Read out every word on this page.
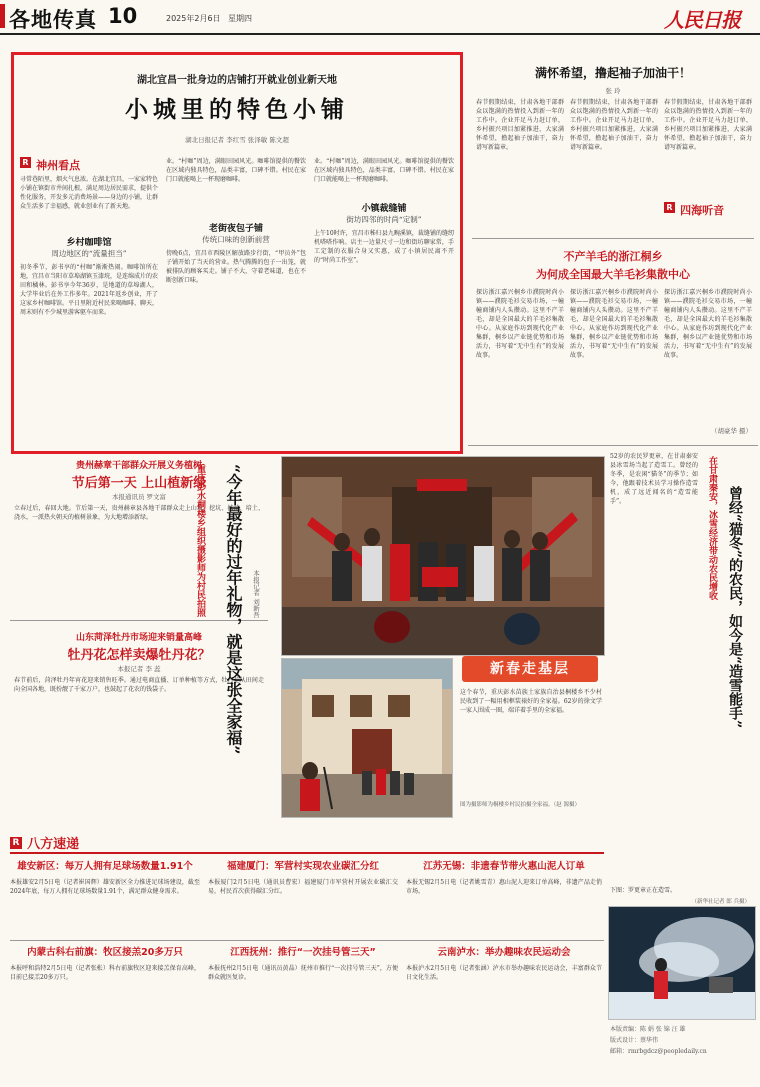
各地传真 10	2025年2月6日 星期四	人民日报
湖北宜昌一批身边的店铺打开就业创业新天地
小城里的特色小铺
湖北日报记者 李红雪 张泽敏 陈文超
R $^{神州看点}$
寻常巷陌里，烟火气息浓。在湖北宜昌，一家家特色小铺在镇街市井间扎根，满足周边居民需求，提供个性化服务，开发多元消费场景——身边的小铺，让群众生活多了幸福感，就业创业有了新天地。
乡村咖啡馆
周边地区的“流量担当”
初冬季节，彭书享的“村咖”渐渐热闹。咖啡馆所在地，宜昌市当阳市草埠湖镇玉漆垸，是连绵成片的农田和橘林。彭书享今年36岁，是地道的草埠湖人，大学毕业后在外工作多年。2021年返乡创业，开了这家乡村咖啡馆。平日里附近村民来喝咖啡、聊天，周末则有不少城里游客驱车而来。
业。“村咖”周边，满眼田园风光。咖啡馆提供的餐饮在区域内独具特色，品类丰富，口碑不错。村民在家门口就能喝上一杯现磨咖啡。
老街夜包子铺
传统口味的创新前营
傍晚6点，宜昌市西陵区解放路步行街，“甲员外”包子铺开始了当天的营业。热气腾腾的包子一出笼，就被排队的顾客买走。铺子不大，守着老味道，也在不断创新口味。
业。“村咖”周边，满眼田园风光。咖啡馆提供的餐饮在区域内独具特色，品类丰富，口碑不错。村民在家门口就能喝上一杯现磨咖啡。
小镇裁缝铺
街坊四邻的时尚“定制”
上午10时许，宜昌市秭归县九畹溪镇，裁缝铺的缝纫机嗒嗒作响。店主一边量尺寸一边和街坊聊家常，手工定制的衣服合身又实惠，成了小镇居民离不开的“时尚工作室”。
满怀希望，撸起袖子加油干！
张 玲
春节假期结束，甘肃各地干部群众以饱满的热情投入到新一年的工作中。企业开足马力赶订单，乡村振兴项目加紧推进，大家满怀希望，撸起袖子加油干，奋力谱写新篇章。
春节假期结束，甘肃各地干部群众以饱满的热情投入到新一年的工作中。企业开足马力赶订单，乡村振兴项目加紧推进，大家满怀希望，撸起袖子加油干，奋力谱写新篇章。
春节假期结束，甘肃各地干部群众以饱满的热情投入到新一年的工作中。企业开足马力赶订单，乡村振兴项目加紧推进，大家满怀希望，撸起袖子加油干，奋力谱写新篇章。
R $^{四海听音}$
不产羊毛的浙江桐乡
为何成全国最大羊毛衫集散中心
探访浙江嘉兴桐乡市濮院时尚小镇——濮院毛衫交易市场，一幢幢商铺内人头攒动。这里不产羊毛，却是全国最大的羊毛衫集散中心。从家庭作坊到现代化产业集群，桐乡以产业链优势和市场活力，书写着“无中生有”的发展故事。
探访浙江嘉兴桐乡市濮院时尚小镇——濮院毛衫交易市场，一幢幢商铺内人头攒动。这里不产羊毛，却是全国最大的羊毛衫集散中心。从家庭作坊到现代化产业集群，桐乡以产业链优势和市场活力，书写着“无中生有”的发展故事。
探访浙江嘉兴桐乡市濮院时尚小镇——濮院毛衫交易市场，一幢幢商铺内人头攒动。这里不产羊毛，却是全国最大的羊毛衫集散中心。从家庭作坊到现代化产业集群，桐乡以产业链优势和市场活力，书写着“无中生有”的发展故事。
（胡豪华 摄）
贵州赫章干部群众开展义务植树
节后第一天 上山植新绿
本报通讯员 罗文富
立春过后，春回大地。节后第一天，贵州赫章县各地干部群众走上山坡，挖坑、扶苗、培土、浇水，一派热火朝天的植树景象，为大地增添新绿。
山东菏泽牡丹市场迎来销量高峰
牡丹花怎样卖爆牡丹花？
本报记者 李 蕊
春节前后，菏泽牡丹年宵花迎来销售旺季。通过电商直播、订单种植等方式，牡丹花从田间走向全国各地，既扮靓了千家万户，也鼓起了花农的钱袋子。
重庆彭水桐楼乡组织摄影师为村民拍照 “今年最好的过年礼物，就是这张全家福”	本报记者 刘新吾
新春走基层
这个春节，重庆彭水苗族土家族自治县桐楼乡不少村民收到了一幅用相框装裱好的全家福。62岁的徐文学一家人围成一圈，端详着手里的全家福。
图为摄影师为桐楼乡村民拍摄全家福。（赵 源摄）
52岁的农民罗更章，在甘肃秦安县冰雪场当起了造雪工。曾经的冬季，是农闲“猫冬”的季节；如今，他跟着技术员学习操作造雪机，成了远近闻名的“造雪能手”。	在甘肃秦安，冰雪经济带动农民增收 曾经“猫冬”的农民，如今是“造雪能手”
下图：罗更章正在造雪。
（新华社记者 郎 兵摄）
R 八方速递
雄安新区：每万人拥有足球场数量1.91个
本报雄安2月5日电（记者崔国辉）雄安新区全力推进足球场建设，截至2024年底，每万人拥有足球场数量1.91个，满足群众健身需求。
福建厦门：军营村实现农业碳汇分红
本报厦门2月5日电（通讯员曹宏）福建厦门市军营村开展农业碳汇交易，村民首次获得碳汇分红。
江苏无锡：非遗春节带火惠山泥人订单
本报无锡2月5日电（记者姚雪青）惠山泥人迎来订单高峰，非遗产品走俏市场。
内蒙古科右前旗：牧区接羔20多万只
本报呼和浩特2月5日电（记者张枨）科右前旗牧区迎来接羔保育高峰，目前已接羔20多万只。
江西抚州：推行“一次挂号管三天”
本报抚州2月5日电（通讯员黄晶）抚州市推行“一次挂号管三天”，方便群众就医复诊。
云南泸水：举办趣味农民运动会
本报泸水2月5日电（记者张涵）泸水市举办趣味农民运动会，丰富群众节日文化生活。
本版责编：陈 娟 张 锦 汪 雄
版式设计：蔡华伟
邮箱：rmrbgdcz@peopledaily.cn
